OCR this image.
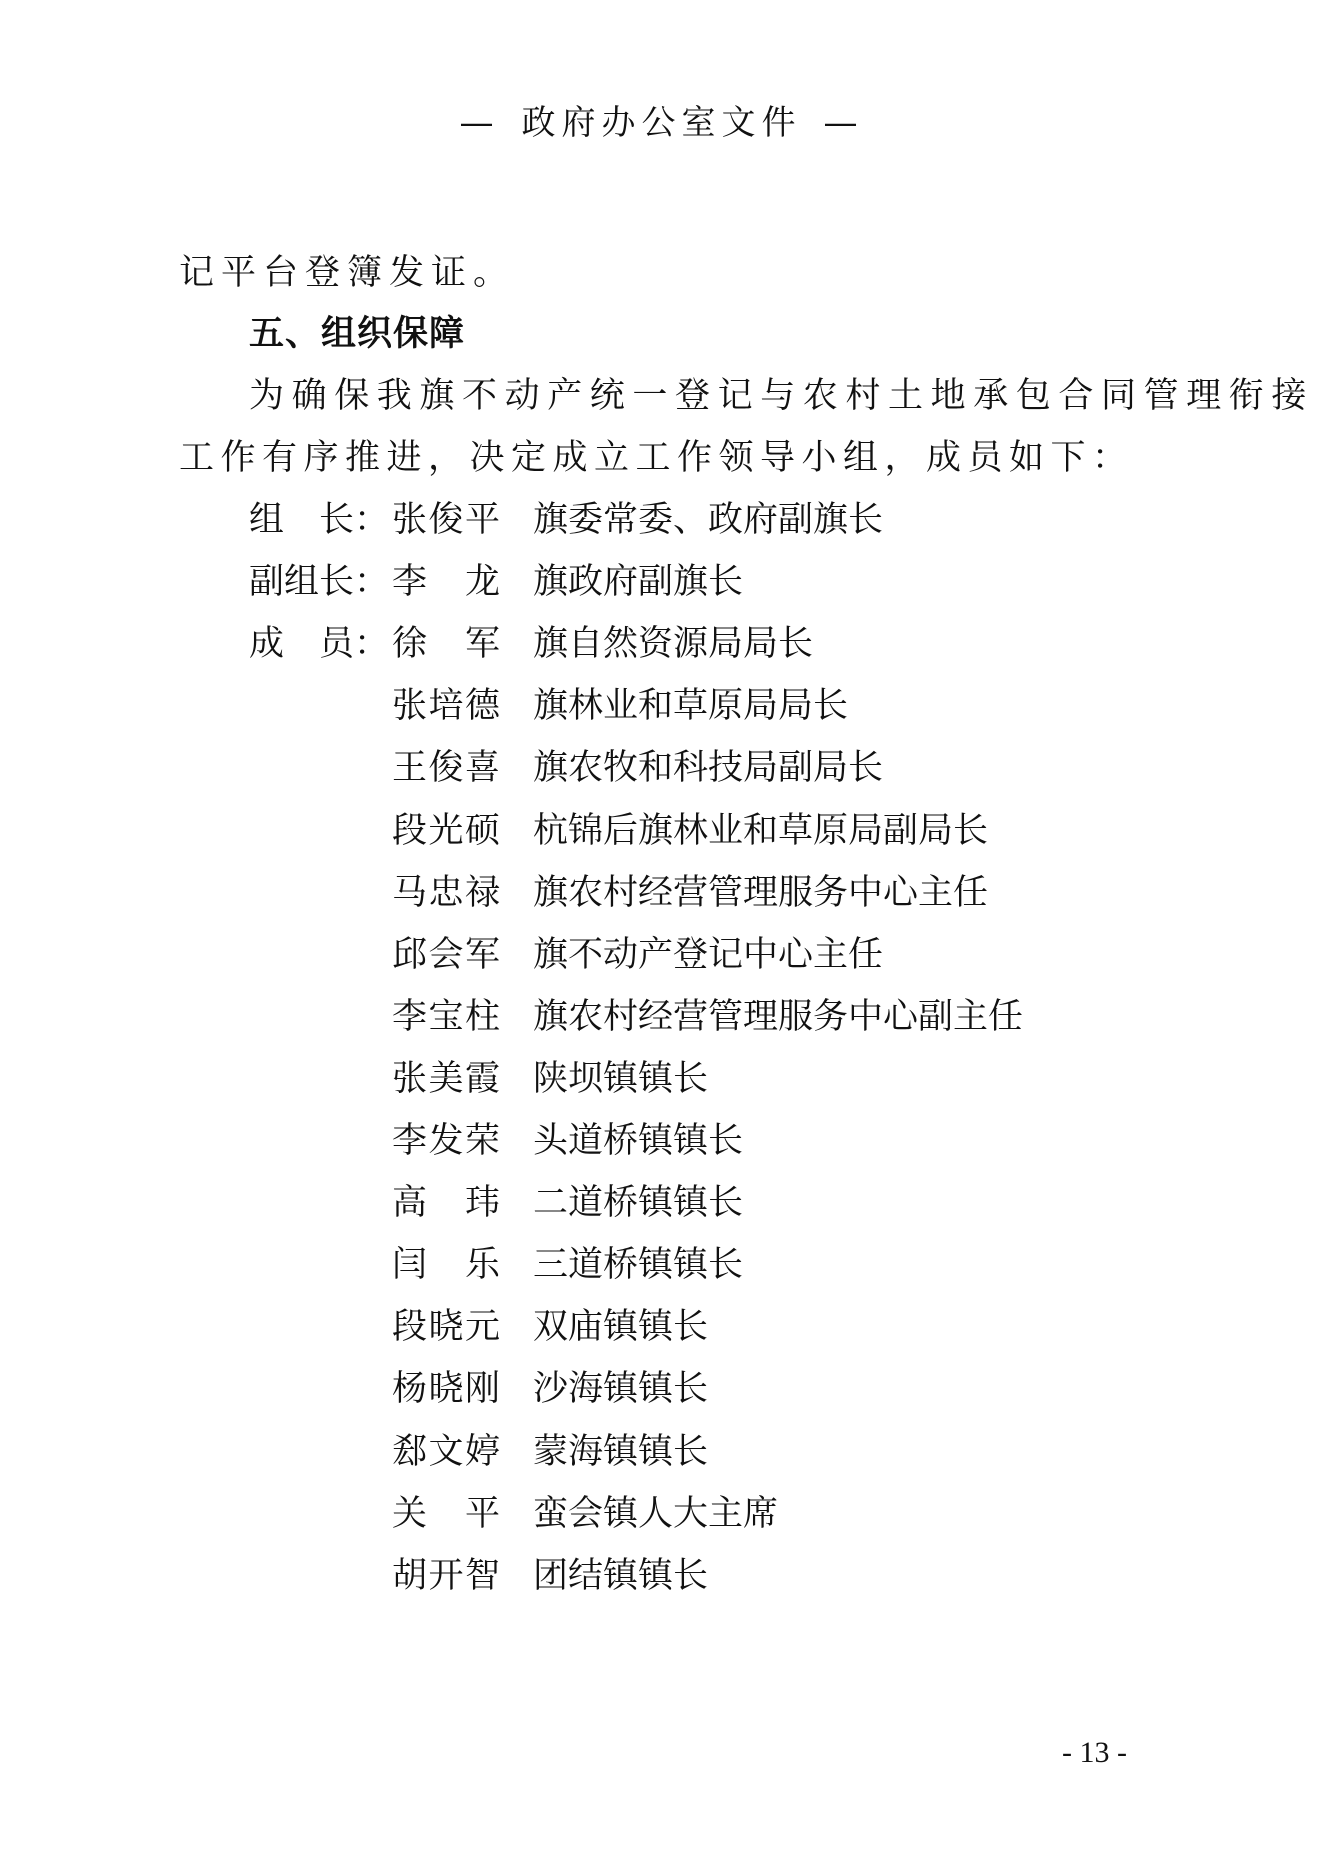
— 政府办公室文件 —
记平台登簿发证。
五、组织保障
为确保我旗不动产统一登记与农村土地承包合同管理衔接
工作有序推进，决定成立工作领导小组，成员如下：
组　长： 张俊平 旗委常委、政府副旗长
副组长： 李　龙 旗政府副旗长
成　员： 徐　军 旗自然资源局局长
张培德 旗林业和草原局局长
王俊喜 旗农牧和科技局副局长
段光硕 杭锦后旗林业和草原局副局长
马忠禄 旗农村经营管理服务中心主任
邱会军 旗不动产登记中心主任
李宝柱 旗农村经营管理服务中心副主任
张美霞 陕坝镇镇长
李发荣 头道桥镇镇长
高　玮 二道桥镇镇长
闫　乐 三道桥镇镇长
段晓元 双庙镇镇长
杨晓刚 沙海镇镇长
郄文婷 蒙海镇镇长
关　平 蛮会镇人大主席
胡开智 团结镇镇长
- 13 -
